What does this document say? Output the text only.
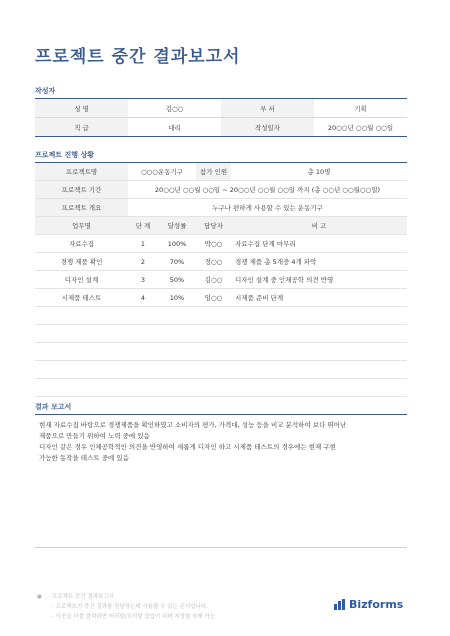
프로젝트 중간 결과보고서
작성자
성 명	김○○	부 서	기획
직 급	대리	작성일자	20○○년 ○○월 ○○일
프로젝트 진행 상황
프로젝트명	○○○운동기구		참가 인원	총 10명
프로젝트 기간	20○○년 ○○월 ○○일 ~ 20○○년 ○○월 ○○일 까지 (총 ○○년 ○○월○○일)			
프로젝트 개요	누구나 편하게 사용할 수 있는 운동기구			
업무명	단 계	달성률	담당자	비 고
자료수집	1	100%	박○○	자료수집 단계 마무리
경쟁 제품 확인	2	70%	정○○	경쟁 제품 총 5개중 4개 파악
디자인 설계	3	50%	김○○	디자인 설계 중 인체공학 의견 반영
시제품 테스트	4	10%	임○○	시제품 준비 단계

결과 보고서
현재 자료수집 바탕으로 경쟁제품을 확인하였고 소비자의 평가, 가격대, 성능 등을 비교 분석하여 보다 뛰어난
제품으로 만들기 위하여 노력 중에 있음
디자인 같은 경우 인체공학적인 의견을 반영하여 새롭게 디자인 하고 시제품 테스트의 경우에는 현재 구현
가능한 동작을 테스트 중에 있음
● 프로젝트 중간 결과보고서
- 프로젝트의 중간 결과를 전달하는데 사용할 수 있는 문서입니다.
- 이곳을 더블 클릭하면 머리말/꼬리말 삽입이 되며 지정할 삭제 가능
Bizforms
